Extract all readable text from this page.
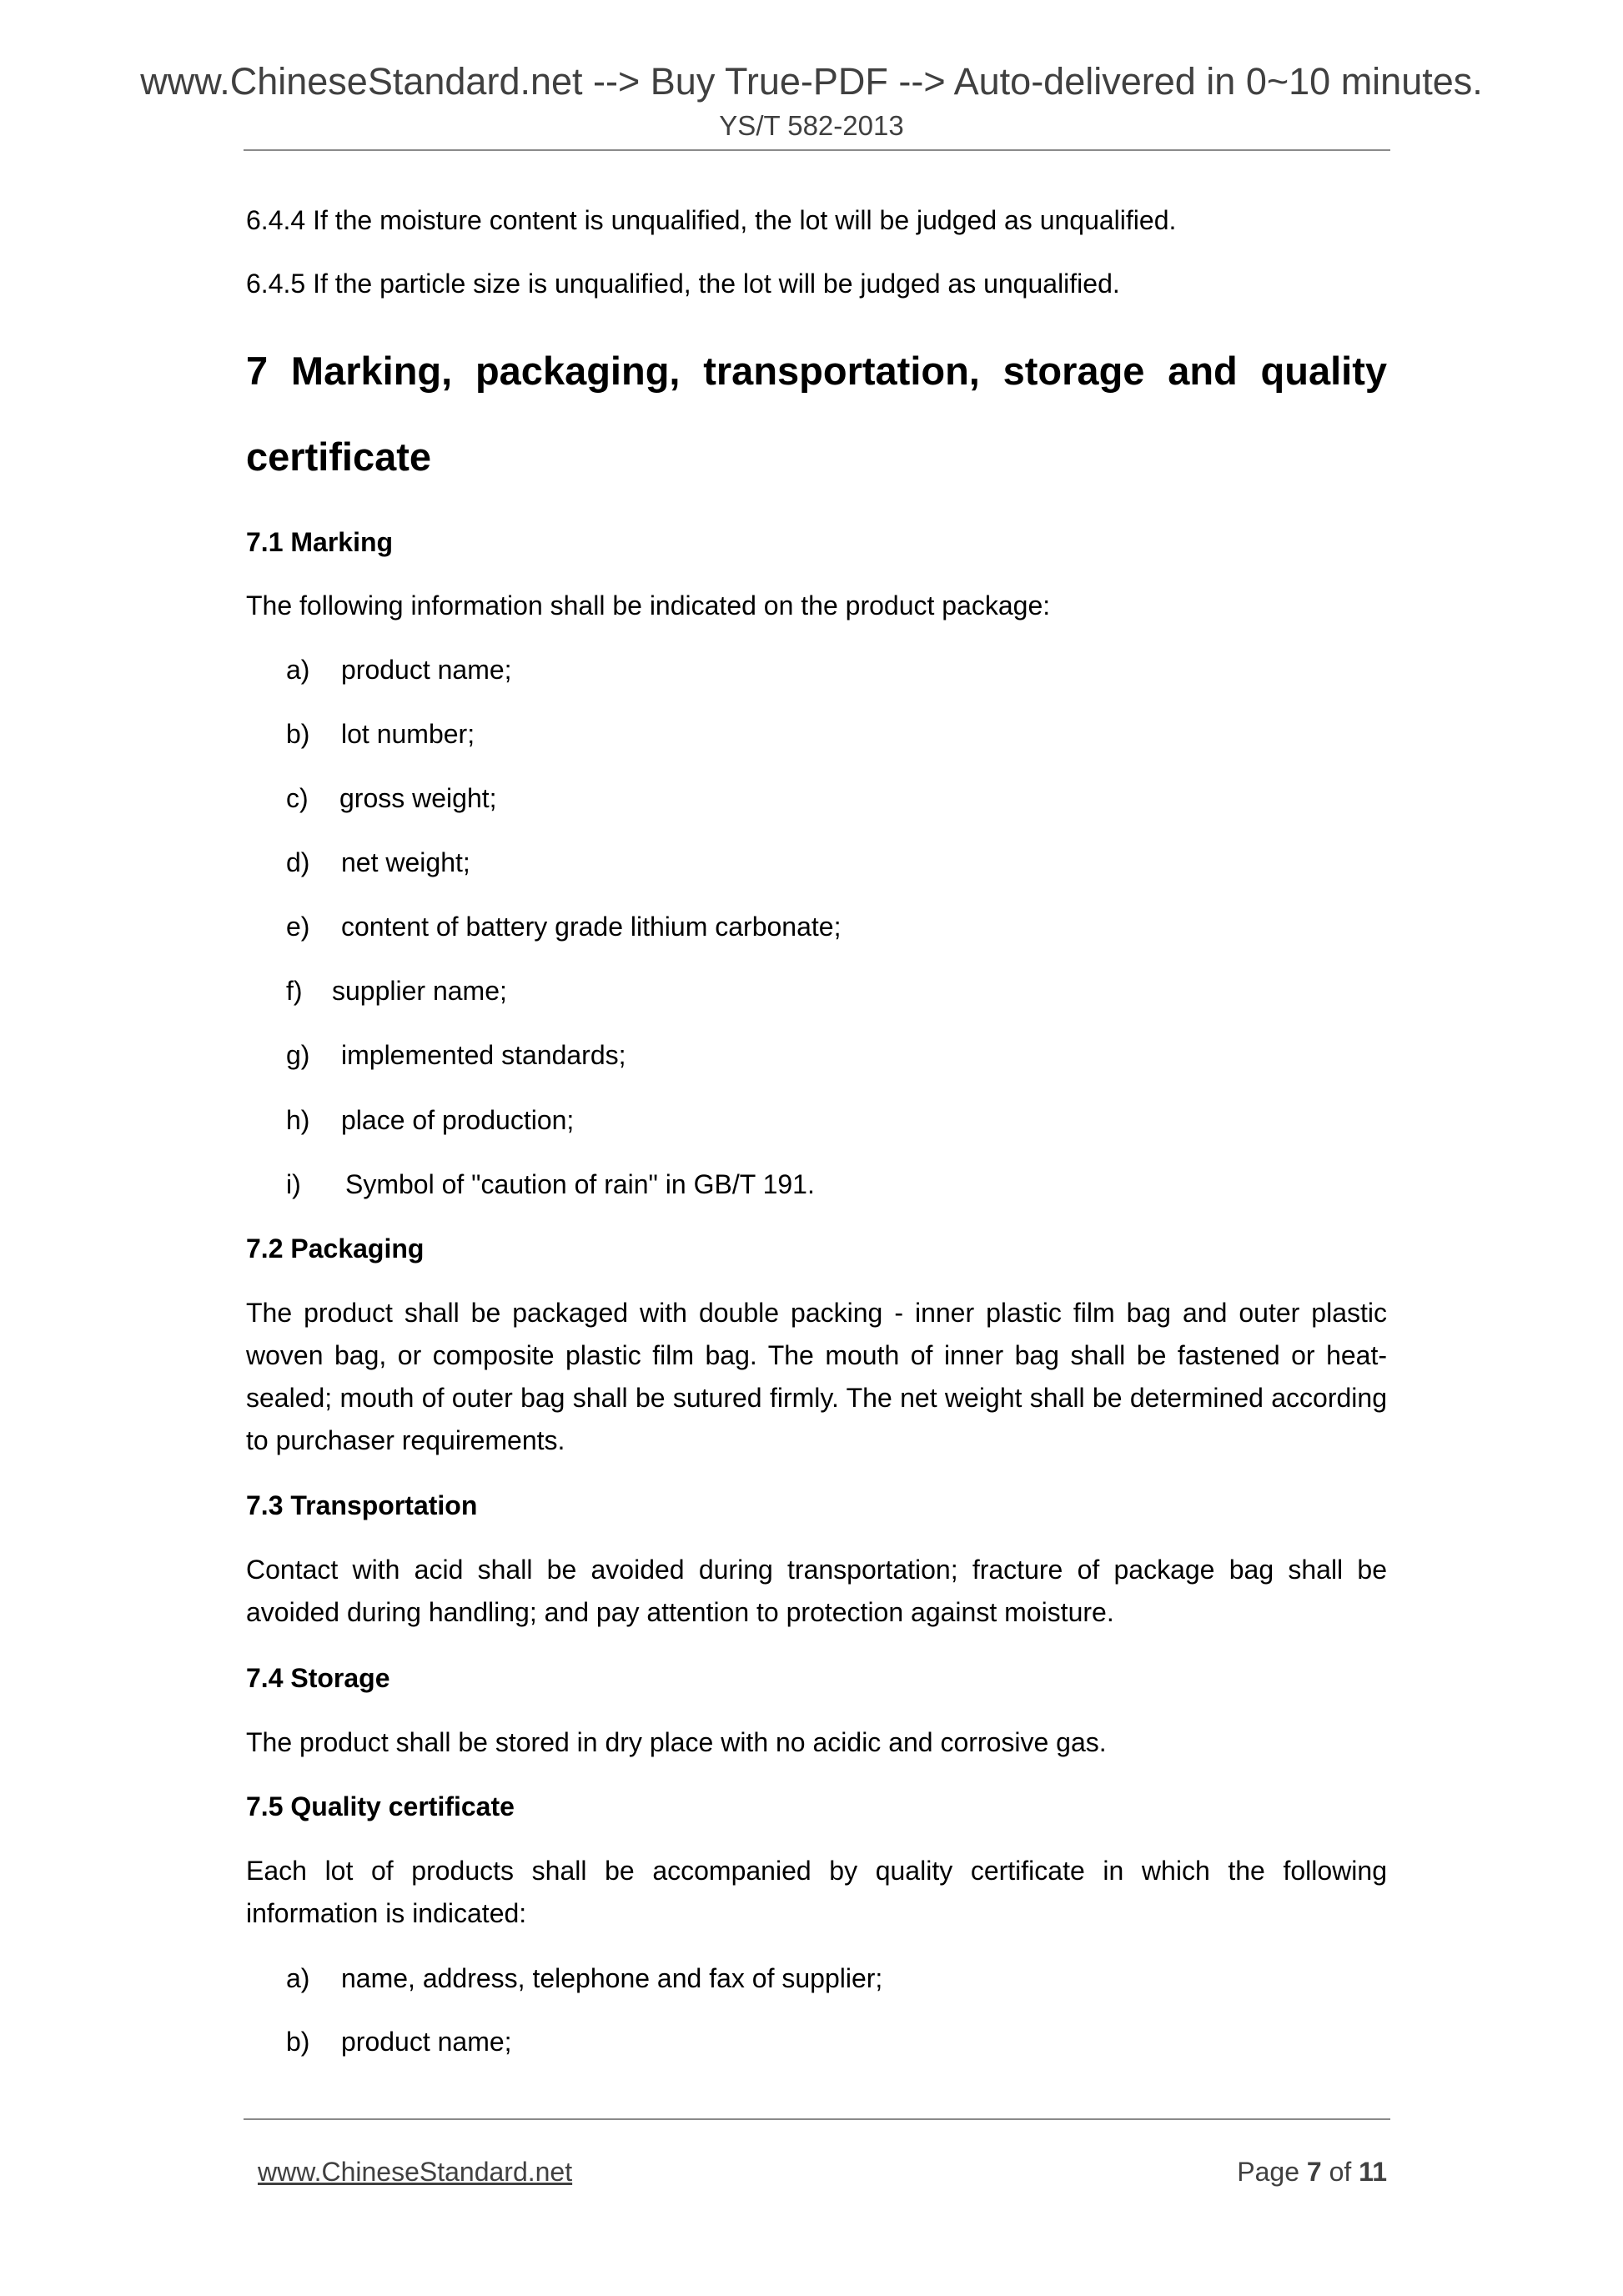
www.ChineseStandard.net --> Buy True-PDF --> Auto-delivered in 0~10 minutes.
YS/T 582-2013
6.4.4 If the moisture content is unqualified, the lot will be judged as unqualified.
6.4.5 If the particle size is unqualified, the lot will be judged as unqualified.
7 Marking, packaging, transportation, storage and quality
certificate
7.1 Marking
The following information shall be indicated on the product package:
a) product name;
b) lot number;
c) gross weight;
d) net weight;
e) content of battery grade lithium carbonate;
f) supplier name;
g) implemented standards;
h) place of production;
i) Symbol of "caution of rain" in GB/T 191.
7.2 Packaging
The product shall be packaged with double packing - inner plastic film bag and outer plastic woven bag, or composite plastic film bag. The mouth of inner bag shall be fastened or heat-sealed; mouth of outer bag shall be sutured firmly. The net weight shall be determined according to purchaser requirements.
7.3 Transportation
Contact with acid shall be avoided during transportation; fracture of package bag shall be avoided during handling; and pay attention to protection against moisture.
7.4 Storage
The product shall be stored in dry place with no acidic and corrosive gas.
7.5 Quality certificate
Each lot of products shall be accompanied by quality certificate in which the following information is indicated:
a) name, address, telephone and fax of supplier;
b) product name;
www.ChineseStandard.net	Page 7 of 11
